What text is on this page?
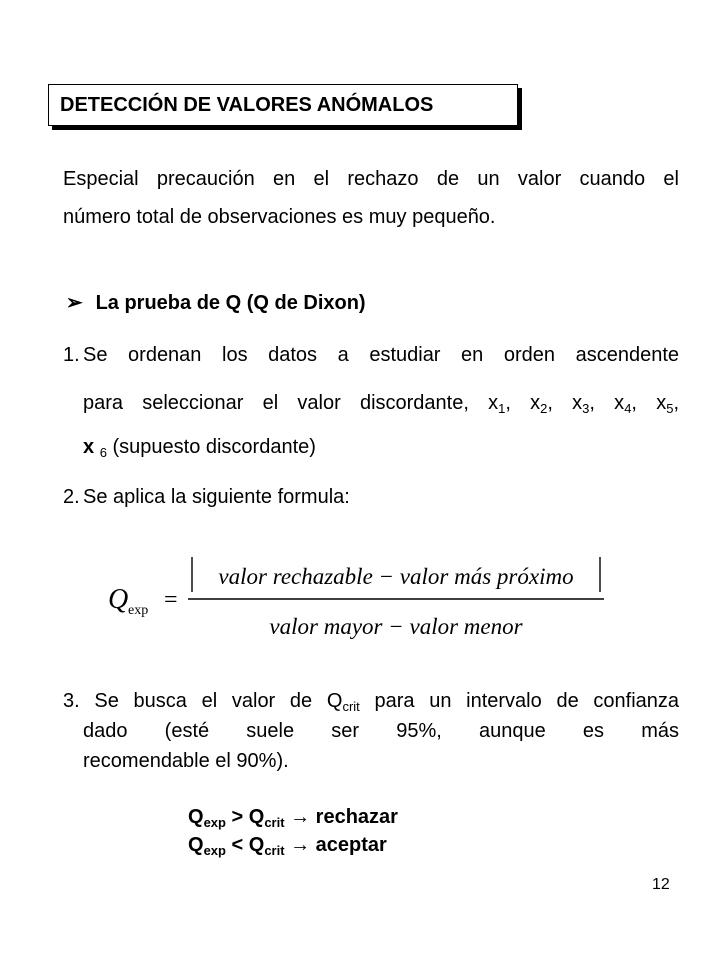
DETECCIÓN DE VALORES ANÓMALOS
Especial precaución en el rechazo de un valor cuando el
número total de observaciones es muy pequeño.
➢ La prueba de Q (Q de Dixon)
1. Se ordenan los datos a estudiar en orden ascendente
para seleccionar el valor discordante, $x_1$, $x_2$, $x_3$, $x_4$, $x_5$,
x $_6$ (supuesto discordante)
2. Se aplica la siguiente formula:
Q exp =
valor rechazable − valor más próximo
valor mayor − valor menor
3. Se busca el valor de $Q_{crit}$ para un intervalo de confianza
dado (esté suele ser 95%, aunque es más
recomendable el 90%).
$Q_{exp} > Q_{crit}$ → rechazar
$Q_{exp} < Q_{crit}$ → aceptar
12
